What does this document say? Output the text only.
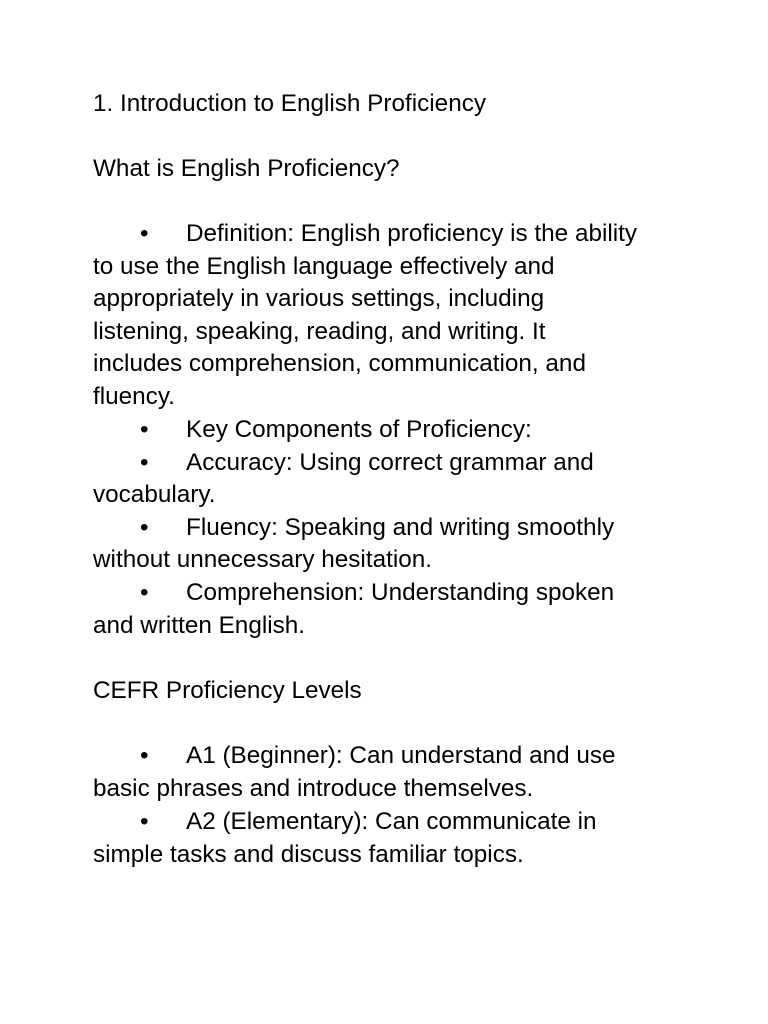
1. Introduction to English Proficiency
What is English Proficiency?
• Definition: English proficiency is the ability
to use the English language effectively and
appropriately in various settings, including
listening, speaking, reading, and writing. It
includes comprehension, communication, and
fluency.
• Key Components of Proficiency:
• Accuracy: Using correct grammar and
vocabulary.
• Fluency: Speaking and writing smoothly
without unnecessary hesitation.
• Comprehension: Understanding spoken
and written English.
CEFR Proficiency Levels
• A1 (Beginner): Can understand and use
basic phrases and introduce themselves.
• A2 (Elementary): Can communicate in
simple tasks and discuss familiar topics.
